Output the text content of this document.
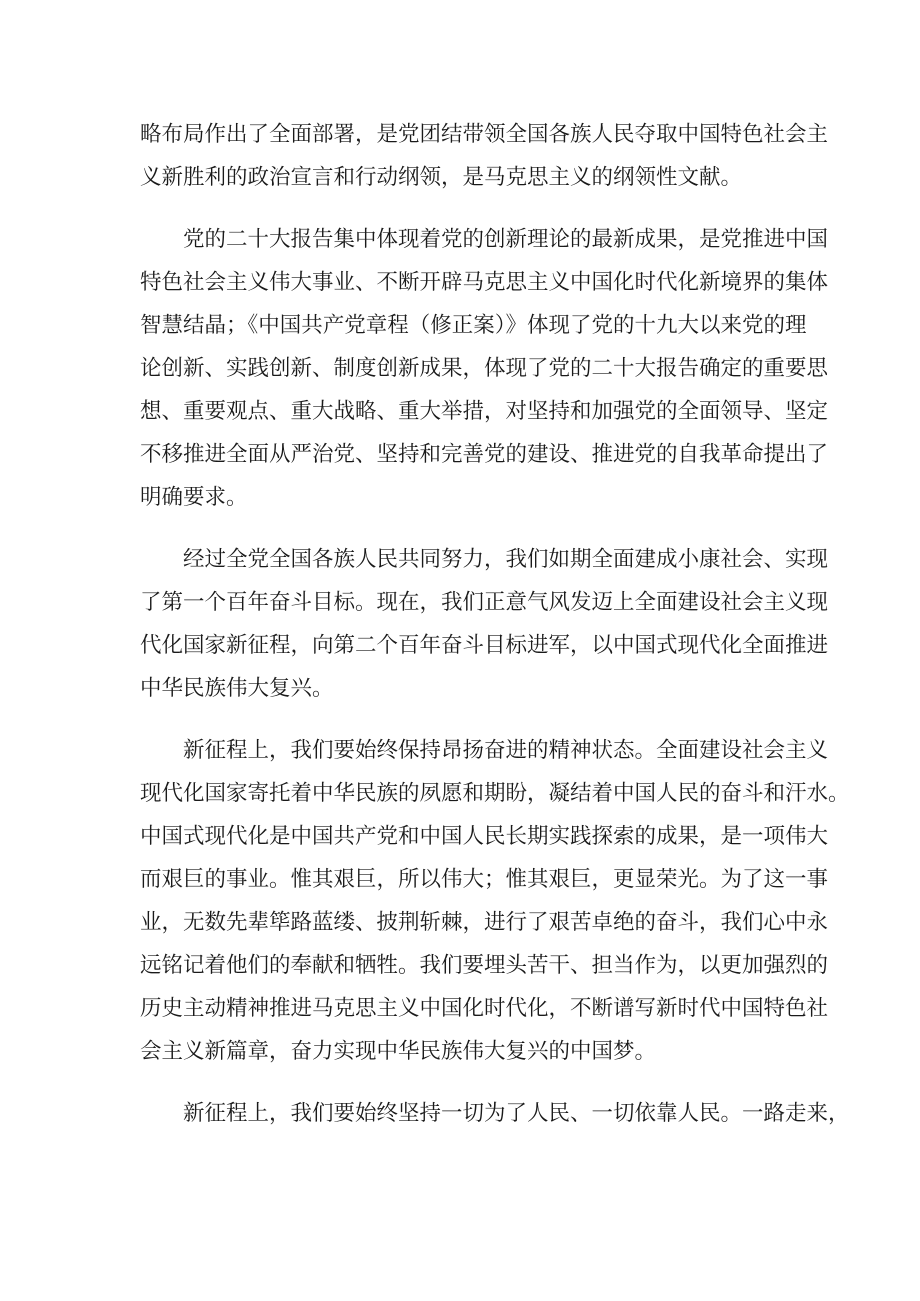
略布局作出了全面部署，是党团结带领全国各族人民夺取中国特色社会主
义新胜利的政治宣言和行动纲领，是马克思主义的纲领性文献。
　　党的二十大报告集中体现着党的创新理论的最新成果，是党推进中国
特色社会主义伟大事业、不断开辟马克思主义中国化时代化新境界的集体
智慧结晶；《中国共产党章程（修正案）》体现了党的十九大以来党的理
论创新、实践创新、制度创新成果，体现了党的二十大报告确定的重要思
想、重要观点、重大战略、重大举措，对坚持和加强党的全面领导、坚定
不移推进全面从严治党、坚持和完善党的建设、推进党的自我革命提出了
明确要求。
　　经过全党全国各族人民共同努力，我们如期全面建成小康社会、实现
了第一个百年奋斗目标。现在，我们正意气风发迈上全面建设社会主义现
代化国家新征程，向第二个百年奋斗目标进军，以中国式现代化全面推进
中华民族伟大复兴。
　　新征程上，我们要始终保持昂扬奋进的精神状态。全面建设社会主义
现代化国家寄托着中华民族的夙愿和期盼，凝结着中国人民的奋斗和汗水。
中国式现代化是中国共产党和中国人民长期实践探索的成果，是一项伟大
而艰巨的事业。惟其艰巨，所以伟大；惟其艰巨，更显荣光。为了这一事
业，无数先辈筚路蓝缕、披荆斩棘，进行了艰苦卓绝的奋斗，我们心中永
远铭记着他们的奉献和牺牲。我们要埋头苦干、担当作为，以更加强烈的
历史主动精神推进马克思主义中国化时代化，不断谱写新时代中国特色社
会主义新篇章，奋力实现中华民族伟大复兴的中国梦。
　　新征程上，我们要始终坚持一切为了人民、一切依靠人民。一路走来，
